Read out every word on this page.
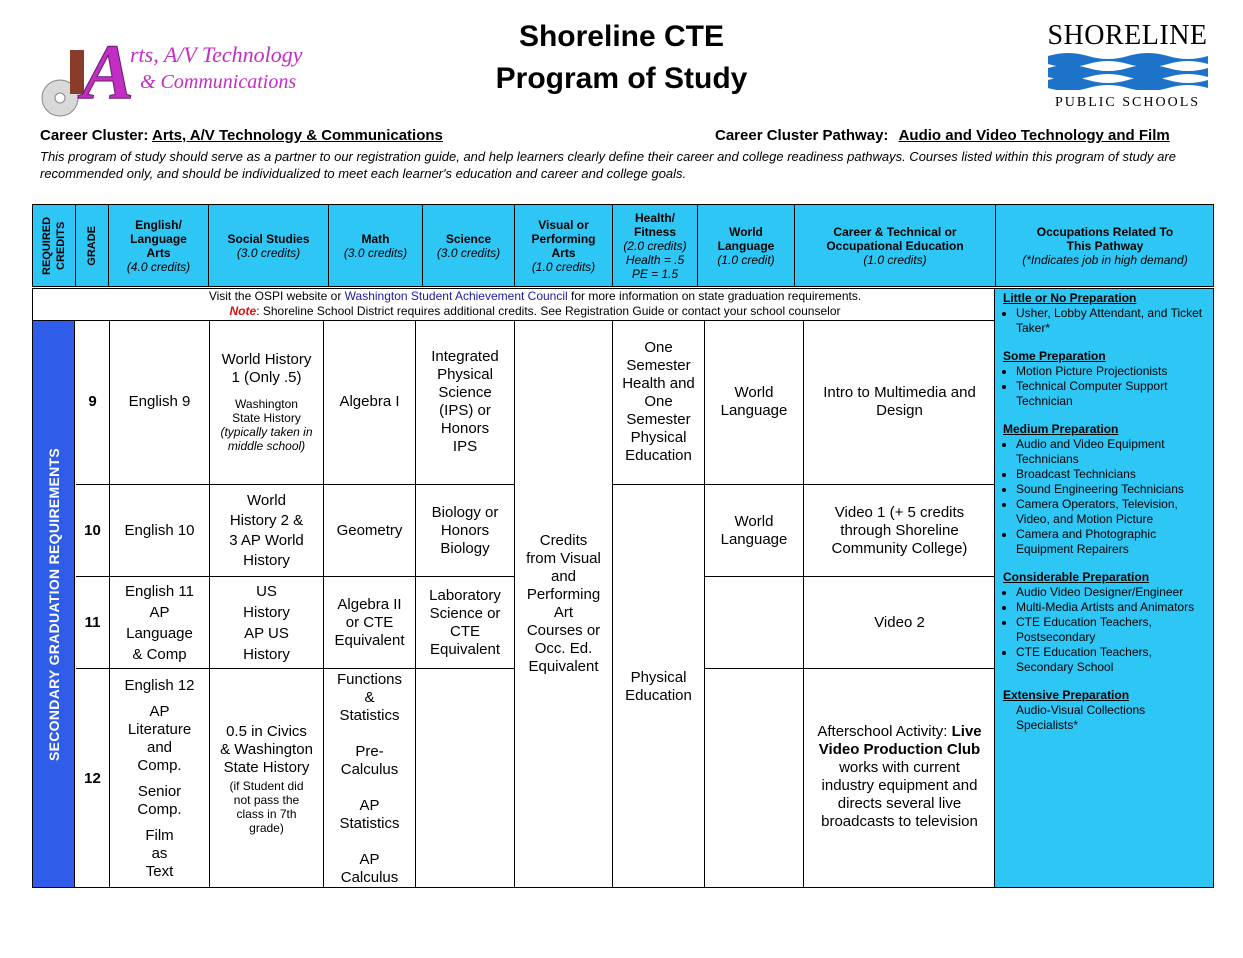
A
rts, A/V Technology
& Communications
Shoreline CTE
Program of Study
SHORELINE
PUBLIC SCHOOLS
Career Cluster: Arts, A/V Technology & Communications	Career Cluster Pathway: Audio and Video Technology and Film
This program of study should serve as a partner to our registration guide, and help learners clearly define their career and college readiness pathways. Courses listed within this program of study are recommended only, and should be individualized to meet each learner's education and career and college goals.
REQUIRED CREDITS GRADE
English/ Language Arts
(4.0 credits)
Social Studies
(3.0 credits)
Math
(3.0 credits)
Science
(3.0 credits)
Visual or Performing Arts
(1.0 credits)
Health/ Fitness
(2.0 credits)
Health = .5
PE = 1.5
World Language
(1.0 credit)
Career & Technical or Occupational Education
(1.0 credits)
Occupations Related To This Pathway
(*Indicates job in high demand)
9
10
11
12
English 9
English 10
English 11 AP Language & Comp
English 12
AP Literature and Comp.
Senior Comp.
Film as Text
World History 1 (Only .5)
Washington State History
(typically taken in middle school)
World History 2 & 3 AP World History
US History AP US History
0.5 in Civics & Washington State History
(if Student did not pass the class in 7th grade)
Algebra I
Geometry
Algebra II or CTE Equivalent
Functions & Statistics
Pre-Calculus
AP Statistics
AP Calculus
Integrated Physical Science (IPS) or Honors IPS
Biology or Honors Biology
Laboratory Science or CTE Equivalent
Credits from Visual and Performing Art Courses or Occ. Ed. Equivalent
One Semester Health and One Semester Physical Education
Physical Education
World Language
World Language
Intro to Multimedia and Design
Video 1 (+ 5 credits through Shoreline Community College)
Video 2
Afterschool Activity: Live Video Production Club works with current industry equipment and directs several live broadcasts to television
Visit the OSPI website or Washington Student Achievement Council for more information on state graduation requirements.
Note: Shoreline School District requires additional credits. See Registration Guide or contact your school counselor
SECONDARY GRADUATION REQUIREMENTS
Little or No Preparation
• Usher, Lobby Attendant, and Ticket Taker*
Some Preparation
• Motion Picture Projectionists
• Technical Computer Support Technician
Medium Preparation
• Audio and Video Equipment Technicians
• Broadcast Technicians
• Sound Engineering Technicians
• Camera Operators, Television, Video, and Motion Picture
• Camera and Photographic Equipment Repairers
Considerable Preparation
• Audio Video Designer/Engineer
• Multi-Media Artists and Animators
• CTE Education Teachers, Postsecondary
• CTE Education Teachers, Secondary School
Extensive Preparation
Audio-Visual Collections Specialists*
